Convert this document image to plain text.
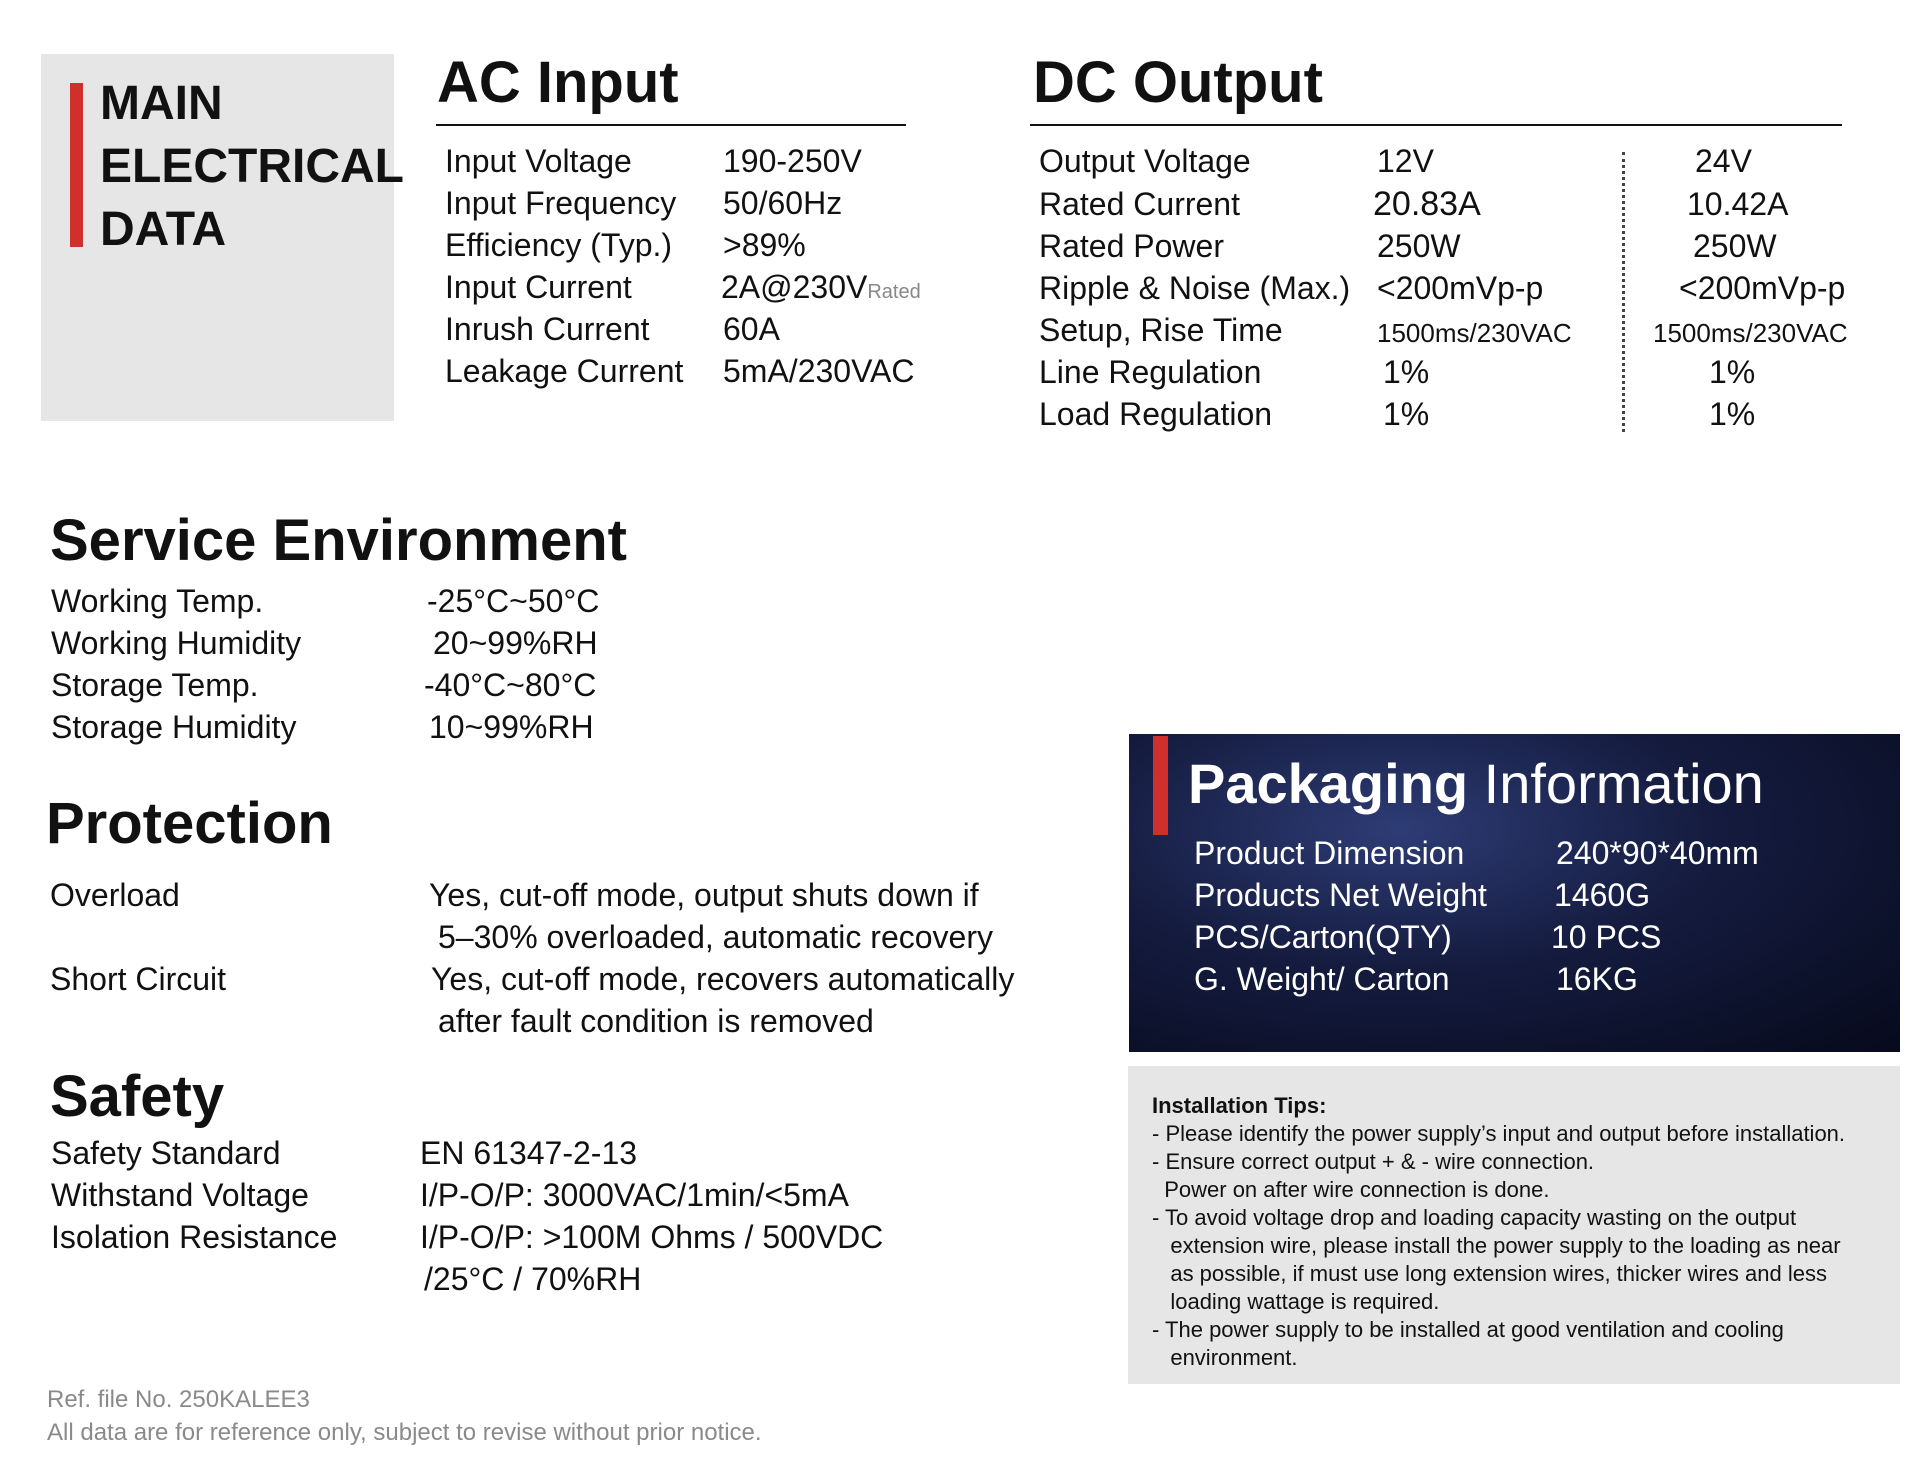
MAIN
ELECTRICAL
DATA
AC Input
Input Voltage	190-250V
Input Frequency 50/60Hz
Efficiency (Typ.) >89%
Input Current	2A@230VRated
Inrush Current 60A
Leakage Current 5mA/230VAC
DC Output
Output Voltage	12V	24V
Rated Current	20.83A	10.42A
Rated Power	250W	250W
Ripple & Noise (Max.) <200mVp-p	<200mVp-p
Setup, Rise Time	1500ms/230VAC	1500ms/230VAC
Line Regulation	1%	1%
Load Regulation	1%	1%
Service Environment
Working Temp.	-25°C~50°C
Working Humidity	20~99%RH
Storage Temp.	-40°C~80°C
Storage Humidity	10~99%RH
Protection
Overload	Yes, cut-off mode, output shuts down if
5–30% overloaded, automatic recovery
Short Circuit	Yes, cut-off mode, recovers automatically
after fault condition is removed
Safety
Safety Standard	EN 61347-2-13
Withstand Voltage	I/P-O/P: 3000VAC/1min/<5mA
Isolation Resistance	I/P-O/P: >100M Ohms / 500VDC
/25°C / 70%RH
Packaging Information
Product Dimension	240*90*40mm
Products Net Weight 1460G
PCS/Carton(QTY)	10 PCS
G. Weight/ Carton	16KG
Installation Tips:
- Please identify the power supply’s input and output before installation.
- Ensure correct output + & - wire connection.
Power on after wire connection is done.
- To avoid voltage drop and loading capacity wasting on the output
extension wire, please install the power supply to the loading as near
as possible, if must use long extension wires, thicker wires and less
loading wattage is required.
- The power supply to be installed at good ventilation and cooling
environment.
Ref. file No. 250KALEE3
All data are for reference only, subject to revise without prior notice.
